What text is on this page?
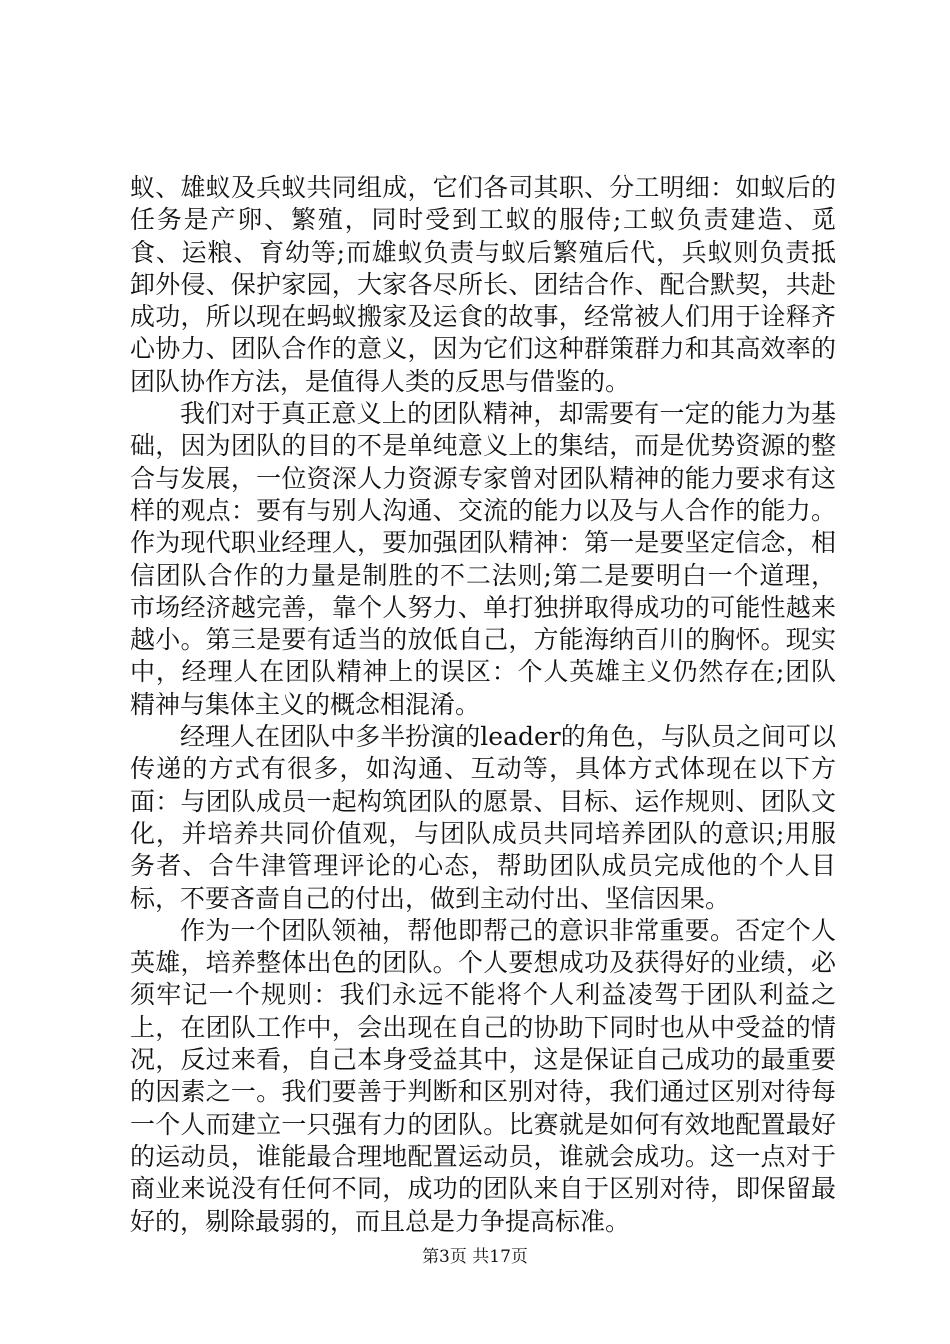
蚁、雄蚁及兵蚁共同组成，它们各司其职、分工明细：如蚁后的任务是产卵、繁殖，同时受到工蚁的服侍;工蚁负责建造、觅食、运粮、育幼等;而雄蚁负责与蚁后繁殖后代，兵蚁则负责抵卸外侵、保护家园，大家各尽所长、团结合作、配合默契，共赴成功，所以现在蚂蚁搬家及运食的故事，经常被人们用于诠释齐心协力、团队合作的意义，因为它们这种群策群力和其高效率的团队协作方法，是值得人类的反思与借鉴的。

我们对于真正意义上的团队精神，却需要有一定的能力为基础，因为团队的目的不是单纯意义上的集结，而是优势资源的整合与发展，一位资深人力资源专家曾对团队精神的能力要求有这样的观点：要有与别人沟通、交流的能力以及与人合作的能力。作为现代职业经理人，要加强团队精神：第一是要坚定信念，相信团队合作的力量是制胜的不二法则;第二是要明白一个道理，市场经济越完善，靠个人努力、单打独拼取得成功的可能性越来越小。第三是要有适当的放低自己，方能海纳百川的胸怀。现实中，经理人在团队精神上的误区：个人英雄主义仍然存在;团队精神与集体主义的概念相混淆。

经理人在团队中多半扮演的leader的角色，与队员之间可以传递的方式有很多，如沟通、互动等，具体方式体现在以下方面：与团队成员一起构筑团队的愿景、目标、运作规则、团队文化，并培养共同价值观，与团队成员共同培养团队的意识;用服务者、合牛津管理评论的心态，帮助团队成员完成他的个人目标，不要吝啬自己的付出，做到主动付出、坚信因果。

作为一个团队领袖，帮他即帮己的意识非常重要。否定个人英雄，培养整体出色的团队。个人要想成功及获得好的业绩，必须牢记一个规则：我们永远不能将个人利益凌驾于团队利益之上，在团队工作中，会出现在自己的协助下同时也从中受益的情况，反过来看，自己本身受益其中，这是保证自己成功的最重要的因素之一。我们要善于判断和区别对待，我们通过区别对待每一个人而建立一只强有力的团队。比赛就是如何有效地配置最好的运动员，谁能最合理地配置运动员，谁就会成功。这一点对于商业来说没有任何不同，成功的团队来自于区别对待，即保留最好的，剔除最弱的，而且总是力争提高标准。

第3页 共17页
